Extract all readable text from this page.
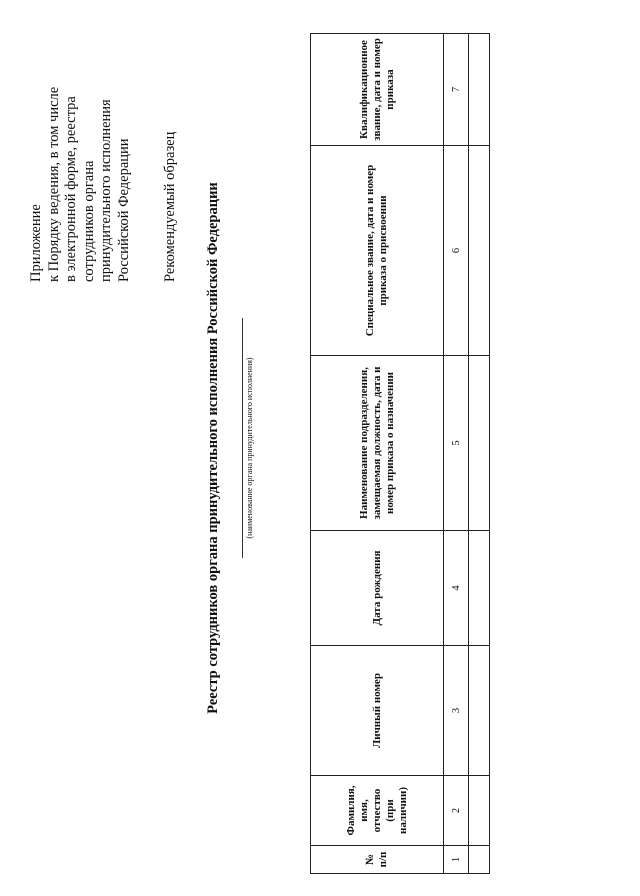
Приложение к Порядку ведения, в том числе в электронной форме, реестра сотрудников органа принудительного исполнения Российской Федерации Рекомендуемый образец Реестр сотрудников органа принудительного исполнения Российской Федерации	(наименование органа принудительного исполнения)
№ п/п	Фамилия, имя, отчество (при наличии)	Личный номер	Дата рождения	Наименование подразделения, замещаемая должность, дата и номер приказа о назначении	Специальное звание, дата и номер приказа о присвоении	Квалификационное звание, дата и номер приказа
1	2	3	4	5	6	7
